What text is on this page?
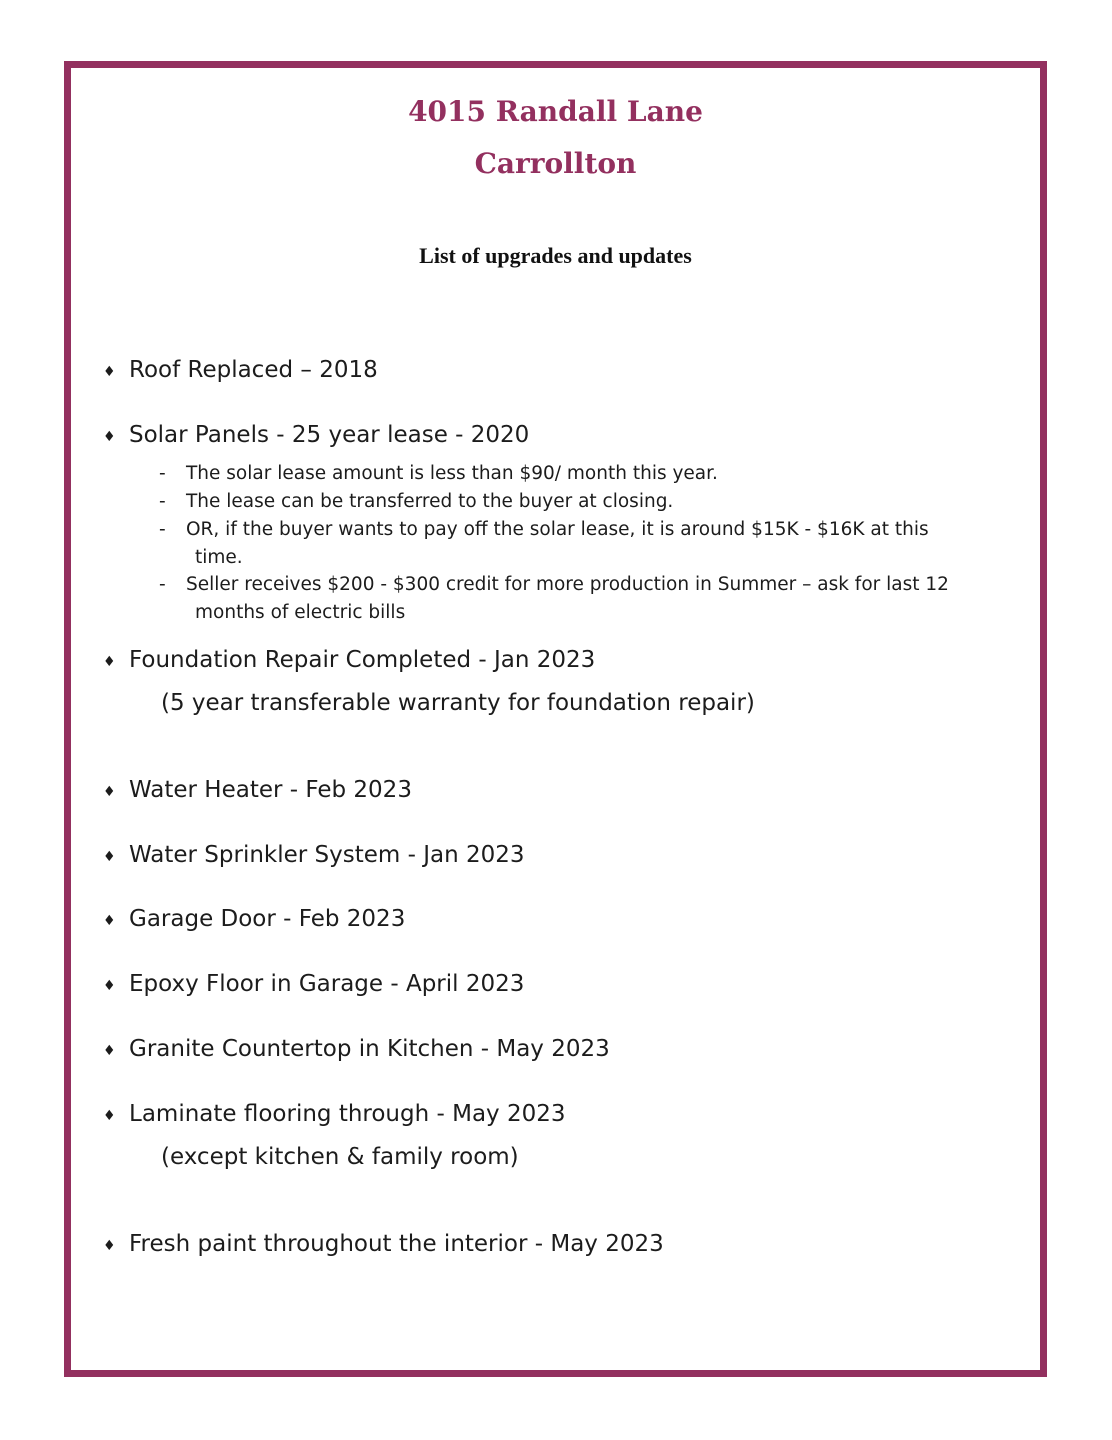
4015 Randall Lane
Carrollton
List of upgrades and updates
♦ Roof Replaced – 2018
♦ Solar Panels - 25 year lease - 2020
-	The solar lease amount is less than $90/ month this year.
-	The lease can be transferred to the buyer at closing.
-	OR, if the buyer wants to pay off the solar lease, it is around $15K - $16K at this
time.
-	Seller receives $200 - $300 credit for more production in Summer – ask for last 12
months of electric bills
♦ Foundation Repair Completed - Jan 2023
(5 year transferable warranty for foundation repair)
♦ Water Heater - Feb 2023
♦ Water Sprinkler System - Jan 2023
♦ Garage Door - Feb 2023
♦ Epoxy Floor in Garage - April 2023
♦ Granite Countertop in Kitchen - May 2023
♦ Laminate flooring through - May 2023
(except kitchen & family room)
♦ Fresh paint throughout the interior - May 2023
